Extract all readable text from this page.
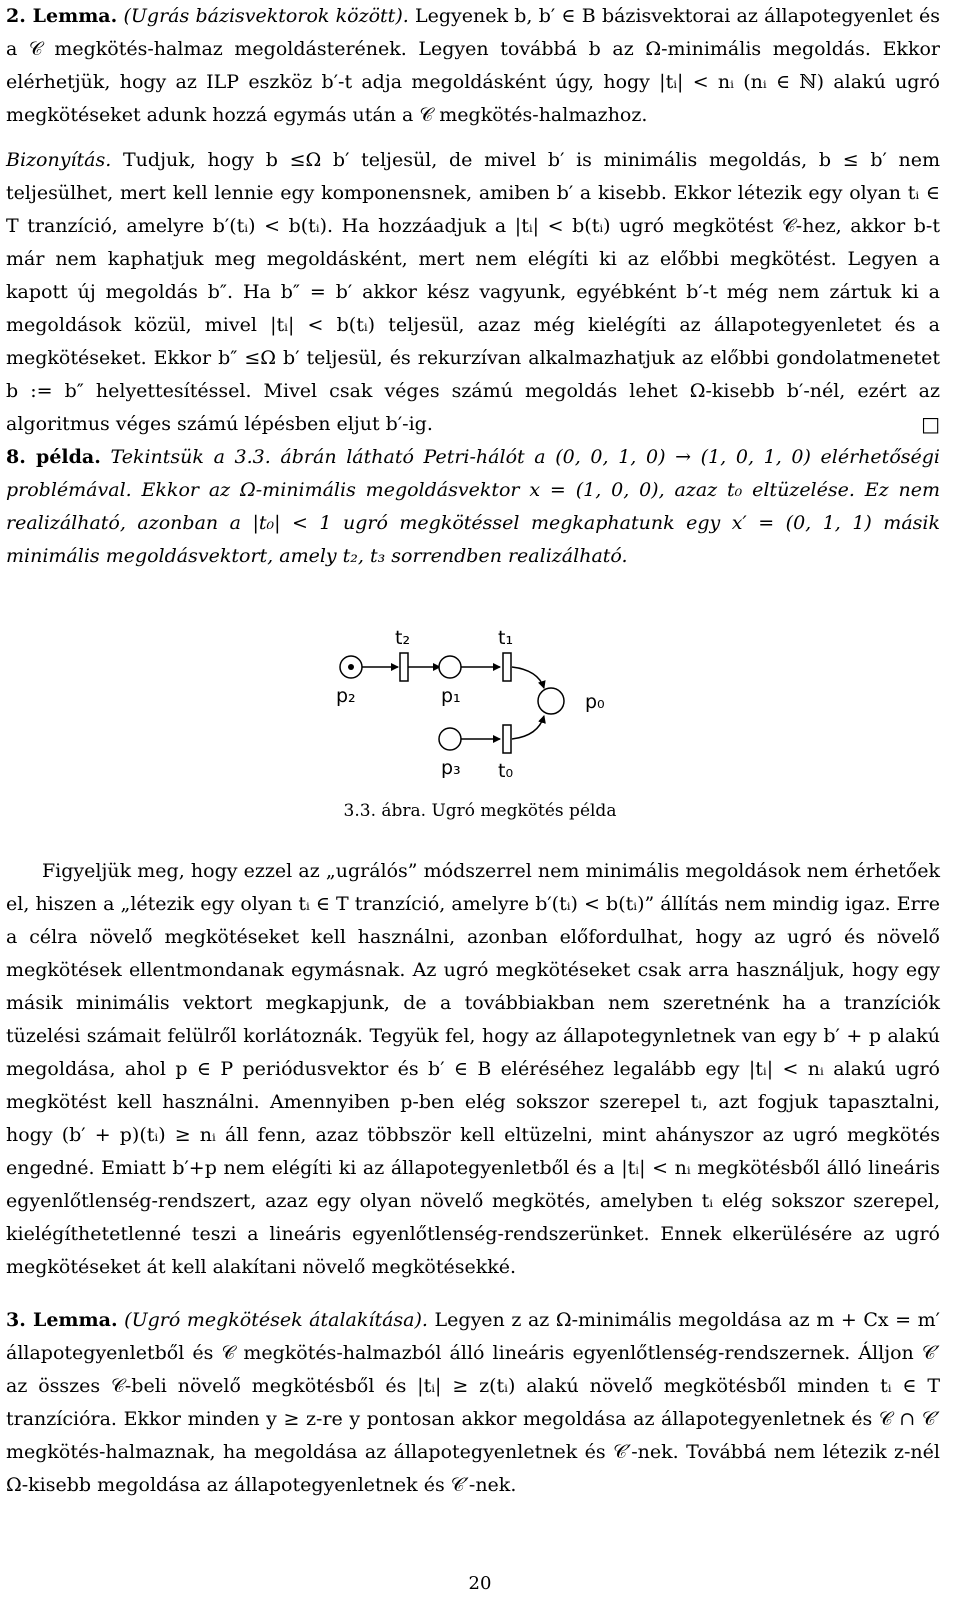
2. Lemma. (Ugrás bázisvektorok között). Legyenek b, b′ ∈ B bázisvektorai az állapotegyenlet és a 𝒞 megkötés-halmaz megoldásterének. Legyen továbbá b az Ω-minimális megoldás. Ekkor elérhetjük, hogy az ILP eszköz b′-t adja megoldásként úgy, hogy |tᵢ| < nᵢ (nᵢ ∈ ℕ) alakú ugró megkötéseket adunk hozzá egymás után a 𝒞 megkötés-halmazhoz.

Bizonyítás. Tudjuk, hogy b ≤Ω b′ teljesül, de mivel b′ is minimális megoldás, b ≤ b′ nem teljesülhet, mert kell lennie egy komponensnek, amiben b′ a kisebb. Ekkor létezik egy olyan tᵢ ∈ T tranzíció, amelyre b′(tᵢ) < b(tᵢ). Ha hozzáadjuk a |tᵢ| < b(tᵢ) ugró megkötést 𝒞-hez, akkor b-t már nem kaphatjuk meg megoldásként, mert nem elégíti ki az előbbi megkötést. Legyen a kapott új megoldás b″. Ha b″ = b′ akkor kész vagyunk, egyébként b′-t még nem zártuk ki a megoldások közül, mivel |tᵢ| < b(tᵢ) teljesül, azaz még kielégíti az állapotegyenletet és a megkötéseket. Ekkor b″ ≤Ω b′ teljesül, és rekurzívan alkalmazhatjuk az előbbi gondolatmenetet b := b″ helyettesítéssel. Mivel csak véges számú megoldás lehet Ω-kisebb b′-nél, ezért az algoritmus véges számú lépésben eljut b′-ig.	□

8. példa. Tekintsük a 3.3. ábrán látható Petri-hálót a (0, 0, 1, 0) → (1, 0, 1, 0) elérhetőségi problémával. Ekkor az Ω-minimális megoldásvektor x = (1, 0, 0), azaz t₀ eltüzelése. Ez nem realizálható, azonban a |t₀| < 1 ugró megkötéssel megkaphatunk egy x′ = (0, 1, 1) másik minimális megoldásvektort, amely t₂, t₃ sorrendben realizálható.

t₂	t₁
p₂	p₁	p₀
p₃ t₀
3.3. ábra. Ugró megkötés példa

Figyeljük meg, hogy ezzel az „ugrálós” módszerrel nem minimális megoldások nem érhetőek el, hiszen a „létezik egy olyan tᵢ ∈ T tranzíció, amelyre b′(tᵢ) < b(tᵢ)” állítás nem mindig igaz. Erre a célra növelő megkötéseket kell használni, azonban előfordulhat, hogy az ugró és növelő megkötések ellentmondanak egymásnak. Az ugró megkötéseket csak arra használjuk, hogy egy másik minimális vektort megkapjunk, de a továbbiakban nem szeretnénk ha a tranzíciók tüzelési számait felülről korlátoznák. Tegyük fel, hogy az állapotegynletnek van egy b′ + p alakú megoldása, ahol p ∈ P periódusvektor és b′ ∈ B eléréséhez legalább egy |tᵢ| < nᵢ alakú ugró megkötést kell használni. Amennyiben p-ben elég sokszor szerepel tᵢ, azt fogjuk tapasztalni, hogy (b′ + p)(tᵢ) ≥ nᵢ áll fenn, azaz többször kell eltüzelni, mint ahányszor az ugró megkötés engedné. Emiatt b′+p nem elégíti ki az állapotegyenletből és a |tᵢ| < nᵢ megkötésből álló lineáris egyenlőtlenség-rendszert, azaz egy olyan növelő megkötés, amelyben tᵢ elég sokszor szerepel, kielégíthetetlenné teszi a lineáris egyenlőtlenség-rendszerünket. Ennek elkerülésére az ugró megkötéseket át kell alakítani növelő megkötésekké.

3. Lemma. (Ugró megkötések átalakítása). Legyen z az Ω-minimális megoldása az m + Cx = m′ állapotegyenletből és 𝒞 megkötés-halmazból álló lineáris egyenlőtlenség-rendszernek. Álljon 𝒞′ az összes 𝒞-beli növelő megkötésből és |tᵢ| ≥ z(tᵢ) alakú növelő megkötésből minden tᵢ ∈ T tranzícióra. Ekkor minden y ≥ z-re y pontosan akkor megoldása az állapotegyenletnek és 𝒞 ∩ 𝒞′ megkötés-halmaznak, ha megoldása az állapotegyenletnek és 𝒞′-nek. Továbbá nem létezik z-nél Ω-kisebb megoldása az állapotegyenletnek és 𝒞′-nek.

20
